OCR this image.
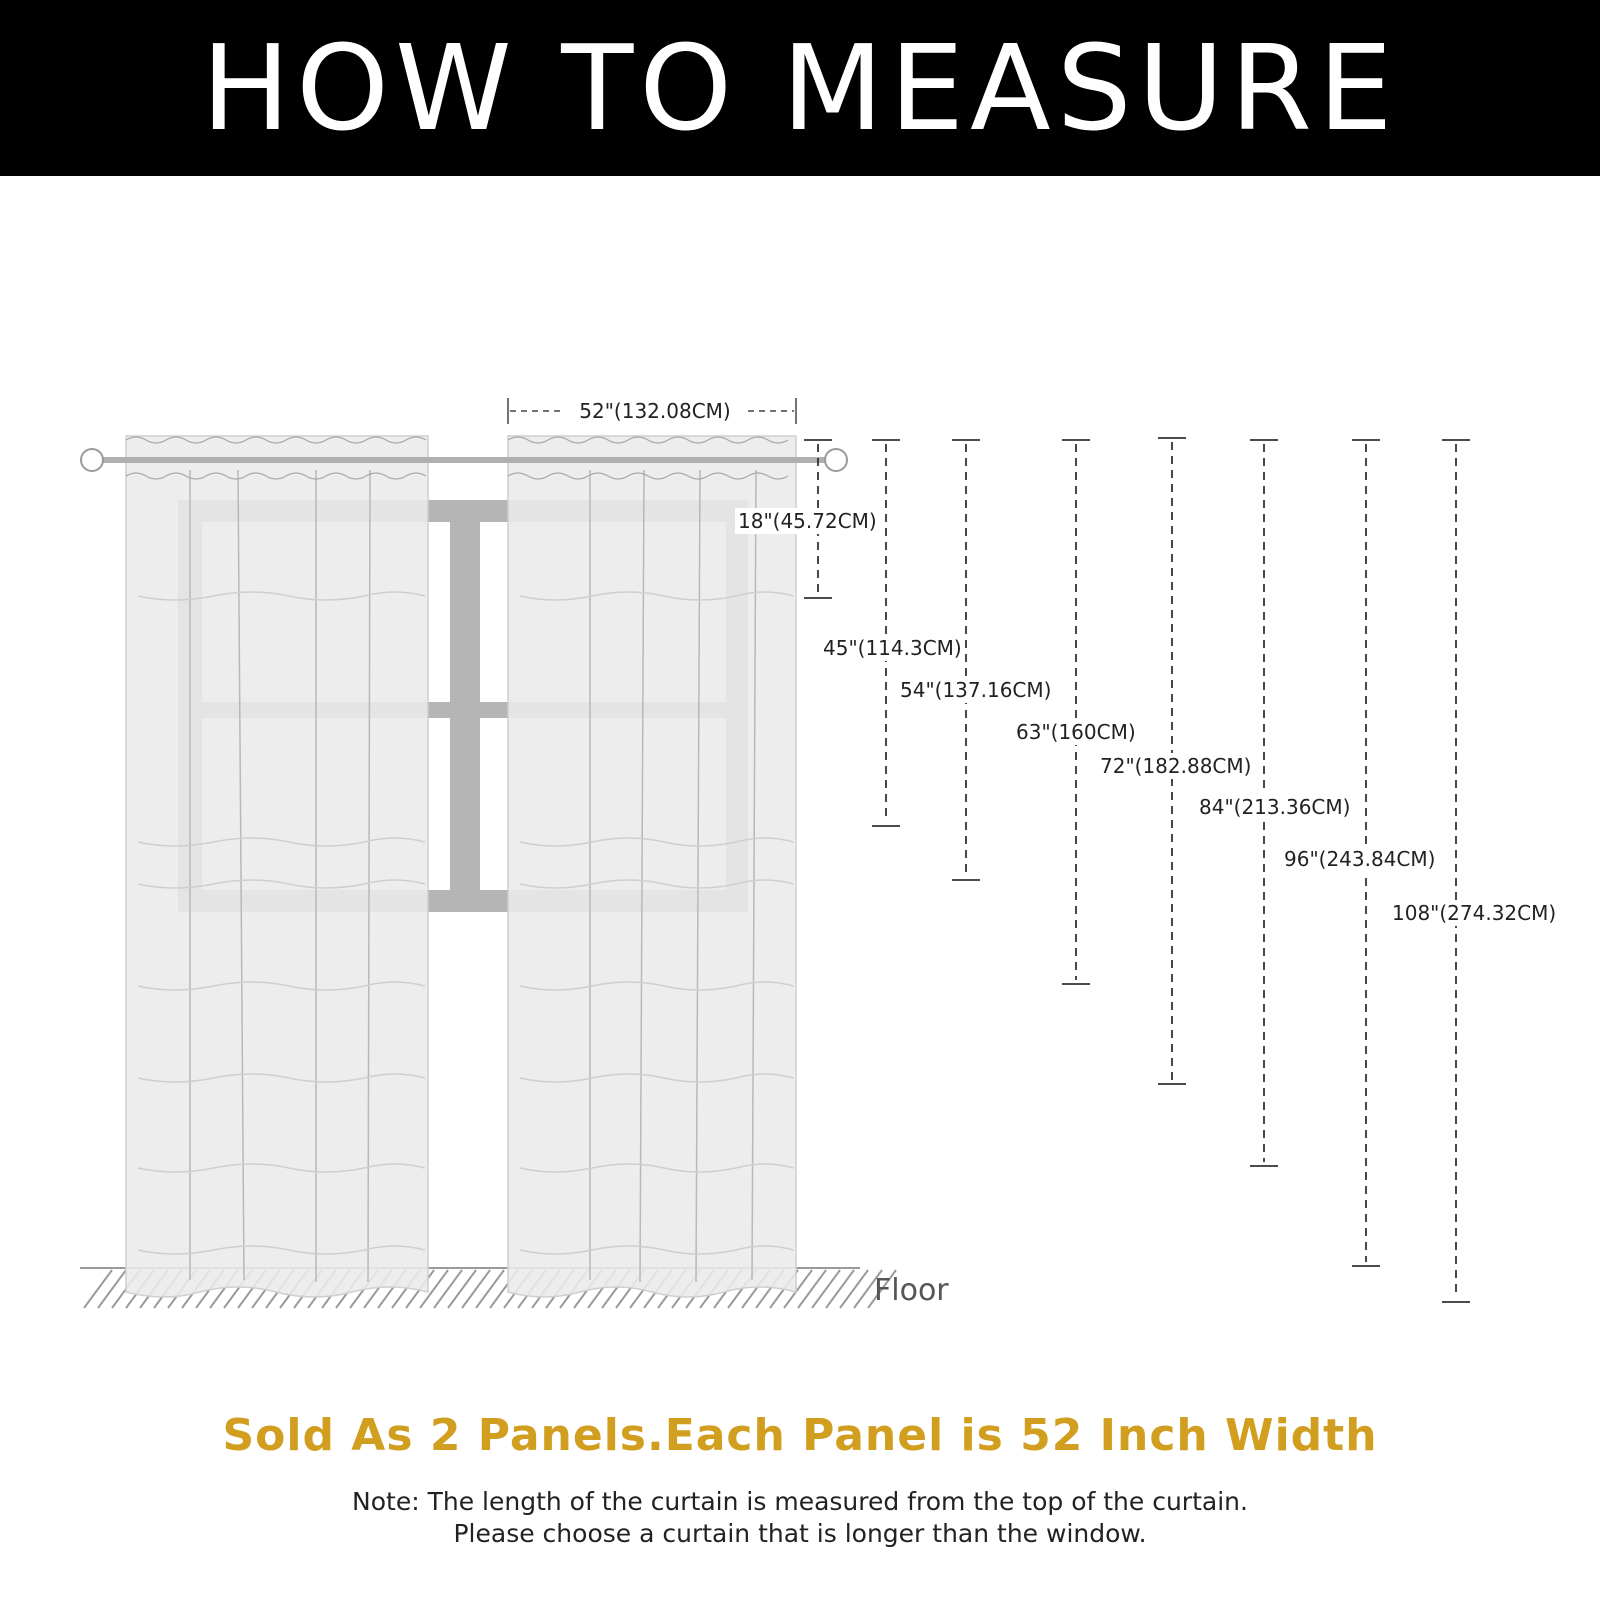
HOW TO MEASURE
52"(132.08CM)
18"(45.72CM)
45"(114.3CM)
54"(137.16CM)
63"(160CM)
72"(182.88CM)
84"(213.36CM)
96"(243.84CM)
108"(274.32CM)
Floor
Sold As 2 Panels.Each Panel is 52 Inch Width
Note: The length of the curtain is measured from the top of the curtain.
Please choose a curtain that is longer than the window.
